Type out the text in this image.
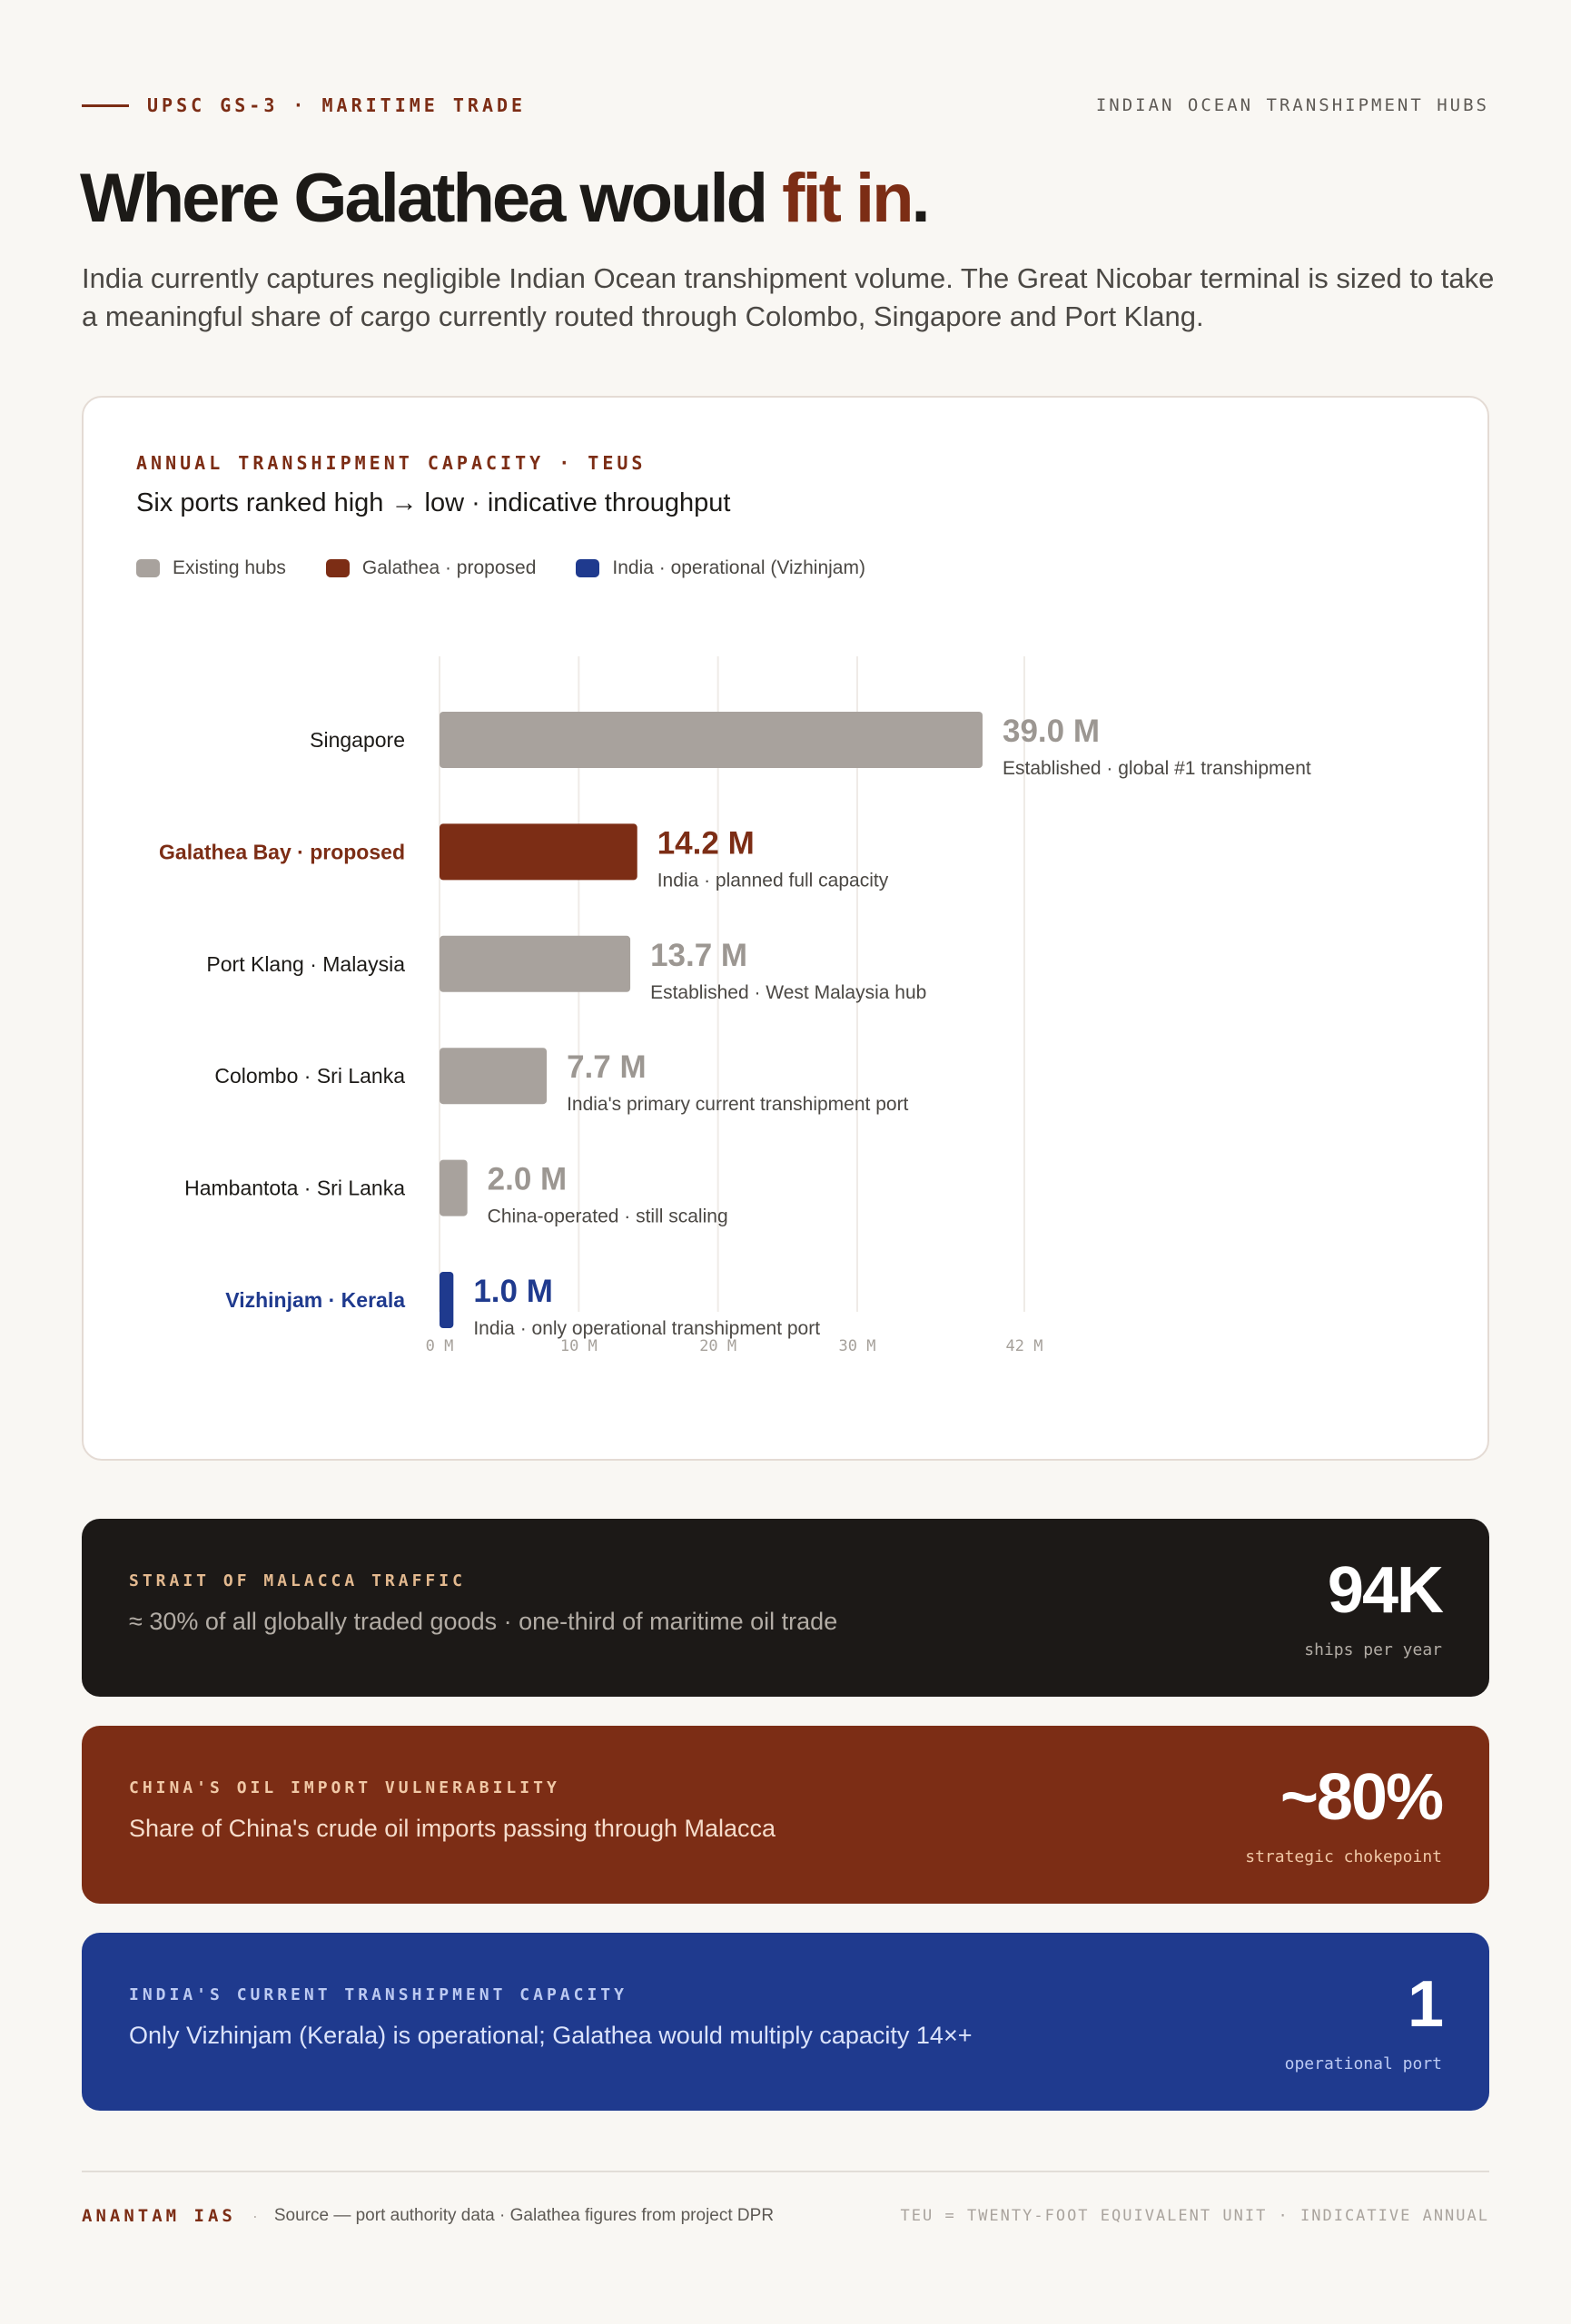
UPSC GS-3 · MARITIME TRADE	INDIAN OCEAN TRANSHIPMENT HUBS
Where Galathea would fit in.

India currently captures negligible Indian Ocean transhipment volume. The Great Nicobar terminal is sized to take a meaningful share of cargo currently routed through Colombo, Singapore and Port Klang.

ANNUAL TRANSHIPMENT CAPACITY · TEUS
Six ports ranked high → low · indicative throughput
Existing hubs	Galathea · proposed	India · operational (Vizhinjam)
Singapore	39.0 M
Established · global #1 transhipment
Galathea Bay · proposed	14.2 M
India · planned full capacity
Port Klang · Malaysia	13.7 M
Established · West Malaysia hub
Colombo · Sri Lanka	7.7 M
India's primary current transhipment port
Hambantota · Sri Lanka	2.0 M
China-operated · still scaling
Vizhinjam · Kerala 1.0 M
India · only operational transhipment port
0 M	10 M	20 M	30 M	42 M
STRAIT OF MALACCA TRAFFIC
≈ 30% of all globally traded goods · one-third of maritime oil trade	94K
ships per year
CHINA'S OIL IMPORT VULNERABILITY
Share of China's crude oil imports passing through Malacca	~80%
strategic chokepoint
INDIA'S CURRENT TRANSHIPMENT CAPACITY
Only Vizhinjam (Kerala) is operational; Galathea would multiply capacity 14×+	1
operational port
ANANTAM IAS · Source — port authority data · Galathea figures from project DPR	TEU = TWENTY-FOOT EQUIVALENT UNIT · INDICATIVE ANNUAL
